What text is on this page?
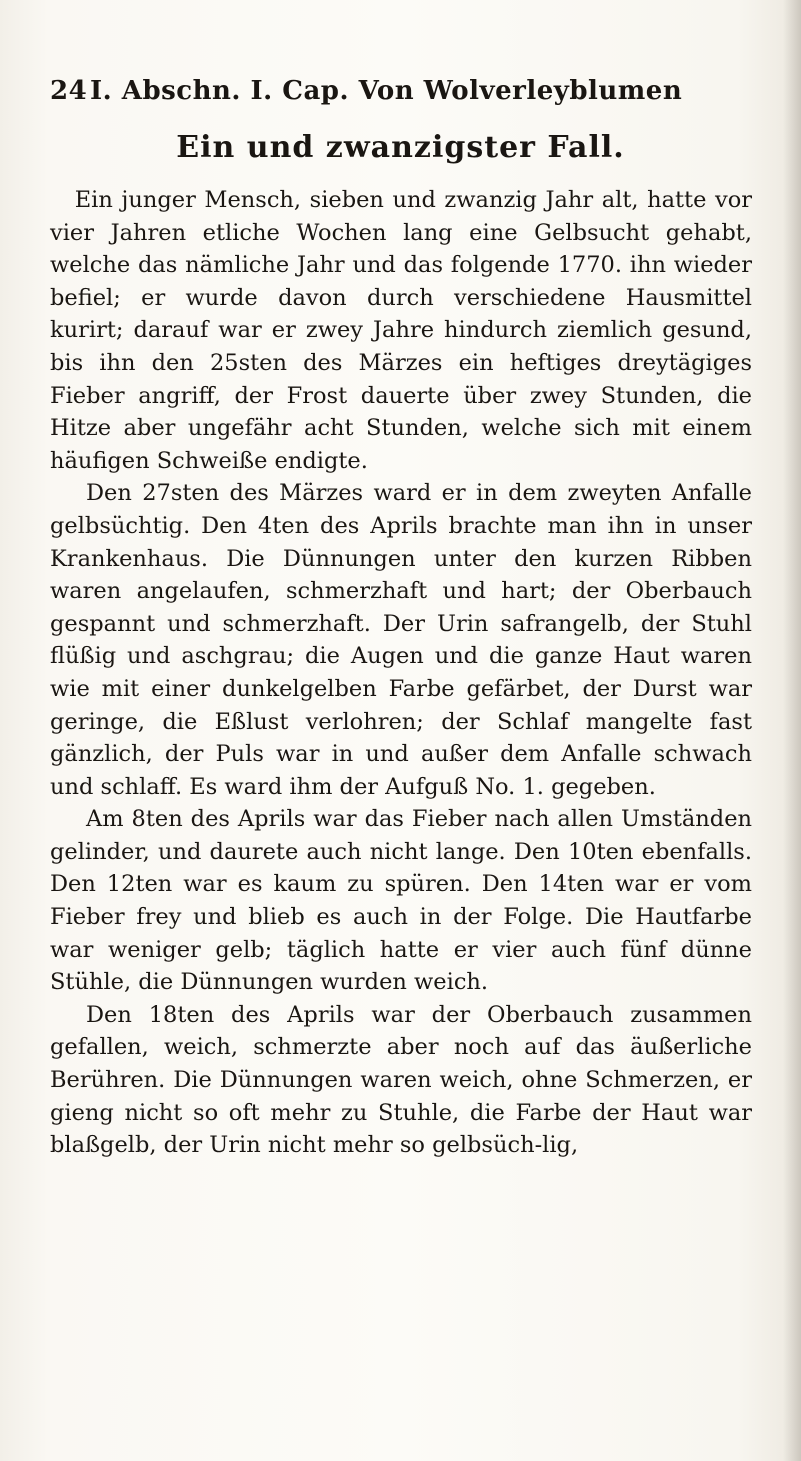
24 I. Abschn. I. Cap. Von Wolverleyblumen
Ein und zwanzigster Fall.

Ein junger Mensch, sieben und zwanzig Jahr alt, hatte vor vier Jahren etliche Wochen lang eine Gelbsucht gehabt, welche das nämliche Jahr und das folgende 1770. ihn wieder befiel; er wurde davon durch verschiedene Hausmittel kurirt; darauf war er zwey Jahre hindurch ziemlich gesund, bis ihn den 25sten des Märzes ein heftiges dreytägiges Fieber angriff, der Frost dauerte über zwey Stunden, die Hitze aber ungefähr acht Stunden, welche sich mit einem häufigen Schweiße endigte.

Den 27sten des Märzes ward er in dem zweyten Anfalle gelbsüchtig. Den 4ten des Aprils brachte man ihn in unser Krankenhaus. Die Dünnungen unter den kurzen Ribben waren angelaufen, schmerzhaft und hart; der Oberbauch gespannt und schmerzhaft. Der Urin safrangelb, der Stuhl flüßig und aschgrau; die Augen und die ganze Haut waren wie mit einer dunkelgelben Farbe gefärbet, der Durst war geringe, die Eßlust verlohren; der Schlaf mangelte fast gänzlich, der Puls war in und außer dem Anfalle schwach und schlaff. Es ward ihm der Aufguß No. 1. gegeben.

Am 8ten des Aprils war das Fieber nach allen Umständen gelinder, und daurete auch nicht lange. Den 10ten ebenfalls. Den 12ten war es kaum zu spüren. Den 14ten war er vom Fieber frey und blieb es auch in der Folge. Die Hautfarbe war weniger gelb; täglich hatte er vier auch fünf dünne Stühle, die Dünnungen wurden weich.

Den 18ten des Aprils war der Oberbauch zusammen gefallen, weich, schmerzte aber noch auf das äußerliche Berühren. Die Dünnungen waren weich, ohne Schmerzen, er gieng nicht so oft mehr zu Stuhle, die Farbe der Haut war blaßgelb, der Urin nicht mehr so gelbsüch-lig,
